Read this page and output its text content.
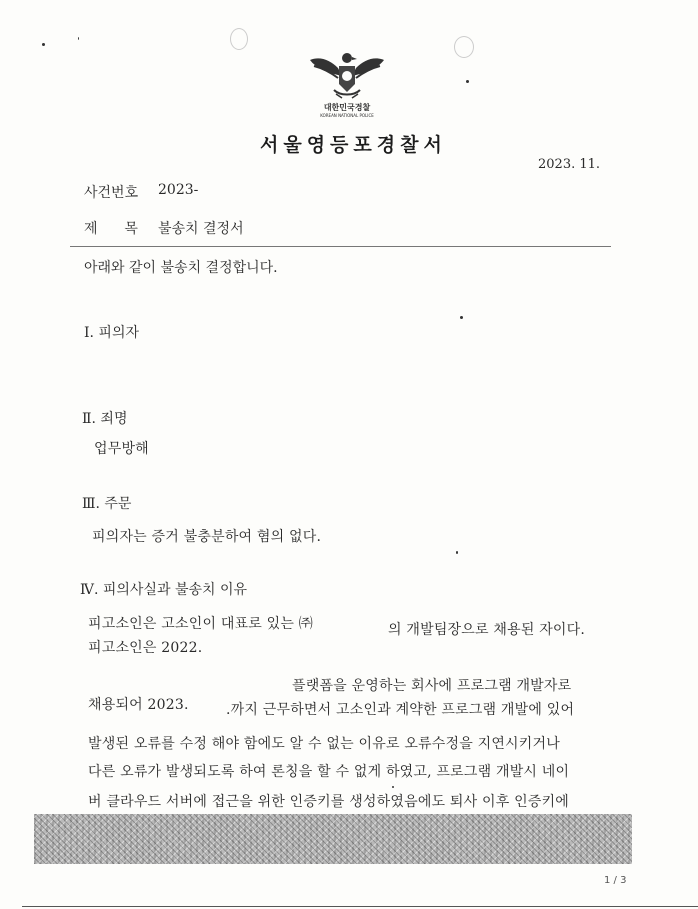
대한민국경찰
KOREAN NATIONAL POLICE
서울영등포경찰서
2023. 11.
사건번호 2023-
제  목 불송치 결정서
아래와 같이 불송치 결정합니다.
Ⅰ. 피의자
Ⅱ. 죄명
업무방해
Ⅲ. 주문
피의자는 증거 불충분하여 혐의 없다.
Ⅳ. 피의사실과 불송치 이유
피고소인은 고소인이 대표로 있는 ㈜	의 개발팀장으로 채용된 자이다.
피고소인은 2022.
플랫폼을 운영하는 회사에 프로그램 개발자로
채용되어 2023.	.까지 근무하면서 고소인과 계약한 프로그램 개발에 있어
발생된 오류를 수정 해야 함에도 알 수 없는 이유로 오류수정을 지연시키거나
다른 오류가 발생되도록 하여 론칭을 할 수 없게 하였고, 프로그램 개발시 네이
버 클라우드 서버에 접근을 위한 인증키를 생성하였음에도 퇴사 이후 인증키에
1 / 3
